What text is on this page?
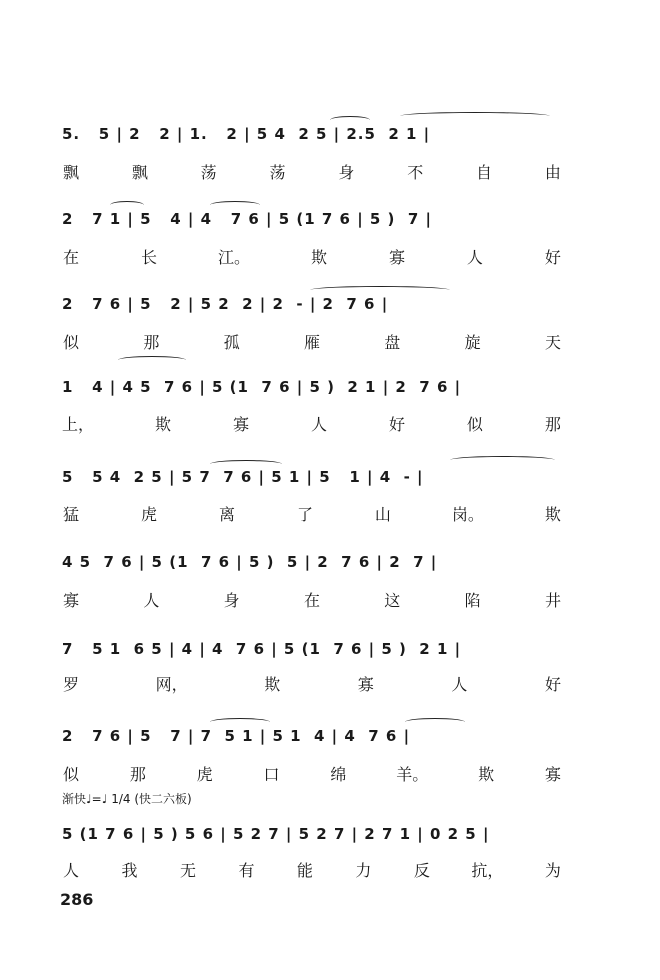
5.   5 | 2   2 | 1.   2 | 5 4  2 5 | 2.5  2 1 |
飘	飘	荡	荡	身	不	自	由
2   7 1 | 5   4 | 4   7 6 | 5 (1 7 6 | 5 )  7 |
在	长	江。	欺	寡	人	好
2   7 6 | 5   2 | 5 2  2 | 2  - | 2  7 6 |
似	那	孤	雁	盘	旋	天
1   4 | 4 5  7 6 | 5 (1  7 6 | 5 )  2 1 | 2  7 6 |
上，	欺	寡	人	好	似	那
5   5 4  2 5 | 5 7  7 6 | 5 1 | 5   1 | 4  - |
猛	虎	离	了	山	岗。	欺
4 5  7 6 | 5 (1  7 6 | 5 )  5 | 2  7 6 | 2  7 |
寡	人	身	在	这	陷	井
7   5 1  6 5 | 4 | 4  7 6 | 5 (1  7 6 | 5 )  2 1 |
罗	网，	欺	寡	人	好
2   7 6 | 5   7 | 7  5 1 | 5 1  4 | 4  7 6 |
似	那	虎	口	绵	羊。	欺	寡
渐快♩=♩ 1/4 (快二六板)
5 (1 7 6 | 5 ) 5 6 | 5 2 7 | 5 2 7 | 2 7 1 | 0 2 5 |
人	我	无	有	能	力	反	抗，	为
286
